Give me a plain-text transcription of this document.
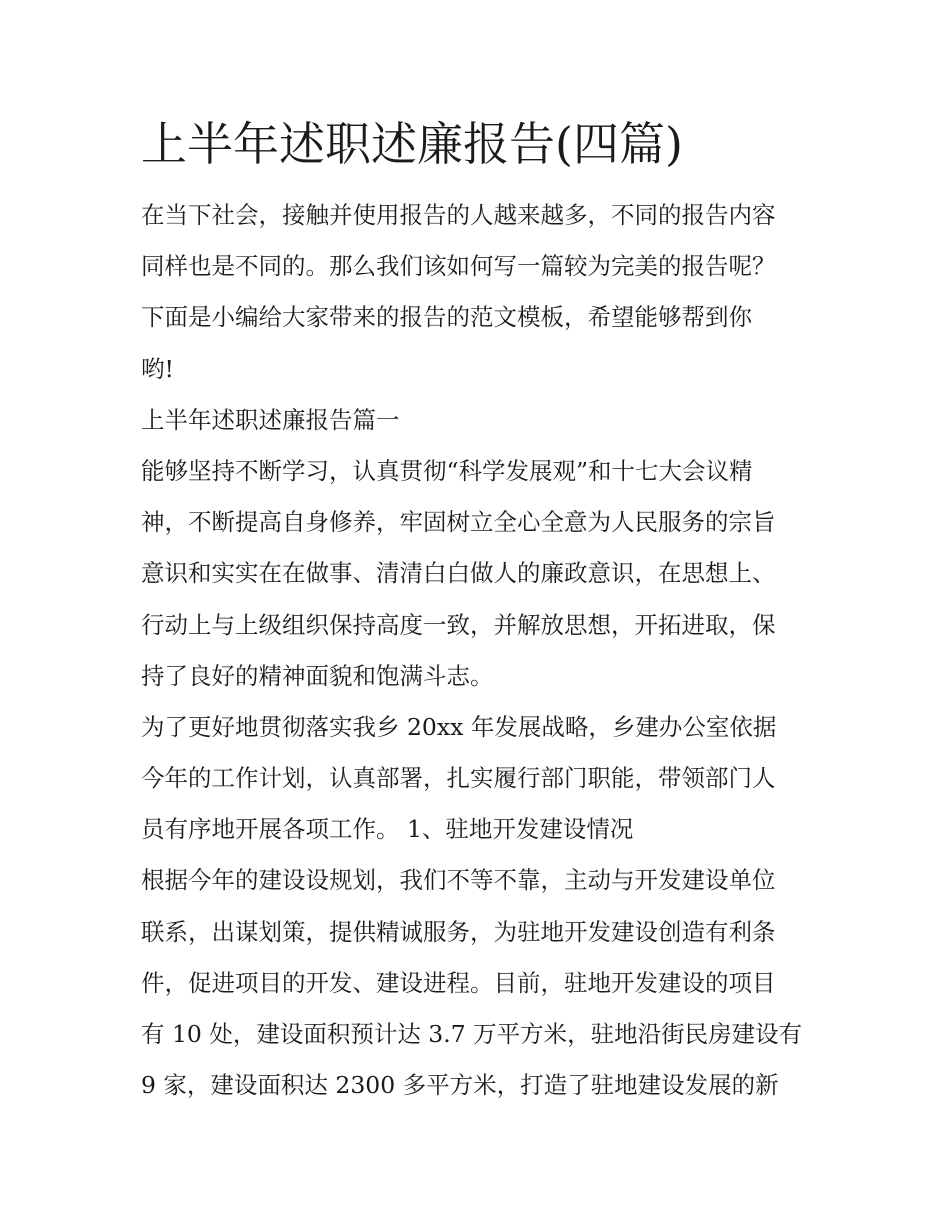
上半年述职述廉报告(四篇)
在当下社会，接触并使用报告的人越来越多，不同的报告内容
同样也是不同的。那么我们该如何写一篇较为完美的报告呢？
下面是小编给大家带来的报告的范文模板，希望能够帮到你
哟!
上半年述职述廉报告篇一
能够坚持不断学习，认真贯彻“科学发展观”和十七大会议精
神，不断提高自身修养，牢固树立全心全意为人民服务的宗旨
意识和实实在在做事、清清白白做人的廉政意识，在思想上、
行动上与上级组织保持高度一致，并解放思想，开拓进取，保
持了良好的精神面貌和饱满斗志。
为了更好地贯彻落实我乡 20xx 年发展战略，乡建办公室依据
今年的工作计划，认真部署，扎实履行部门职能，带领部门人
员有序地开展各项工作。 1、驻地开发建设情况
根据今年的建设设规划，我们不等不靠，主动与开发建设单位
联系，出谋划策，提供精诚服务，为驻地开发建设创造有利条
件，促进项目的开发、建设进程。目前，驻地开发建设的项目
有 10 处，建设面积预计达 3.7 万平方米，驻地沿街民房建设有
9 家，建设面积达 2300 多平方米，打造了驻地建设发展的新
